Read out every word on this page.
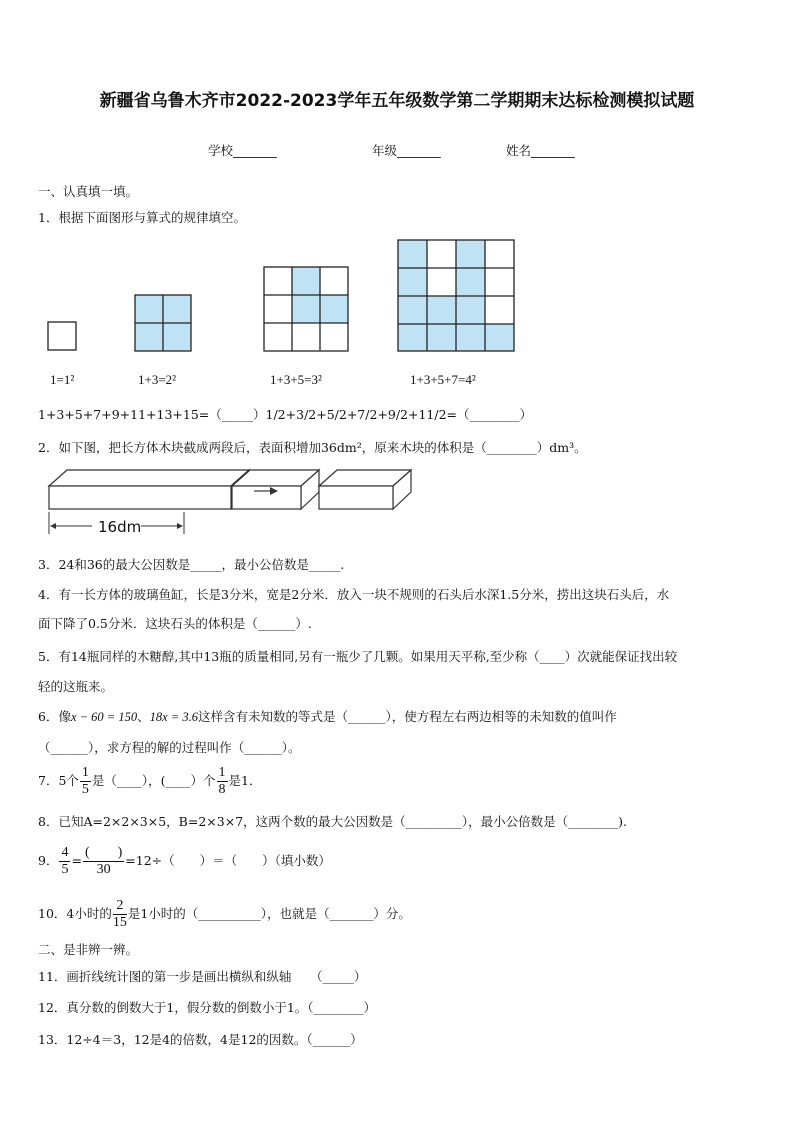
新疆省乌鲁木齐市2022-2023学年五年级数学第二学期期末达标检测模拟试题
学校_______	年级_______	姓名_______
一、认真填一填。
1．根据下面图形与算式的规律填空。
1=1²	1+3=2²	1+3+5=3²	1+3+5+7=4²
1+3+5+7+9+11+13+15=（_____）1/2+3/2+5/2+7/2+9/2+11/2=（________）
2．如下图，把长方体木块截成两段后，表面积增加36dm²，原来木块的体积是（________）dm³。
16dm
3．24和36的最大公因数是_____，最小公倍数是_____.
4．有一长方体的玻璃鱼缸，长是3分米，宽是2分米．放入一块不规则的石头后水深1.5分米，捞出这块石头后，水
面下降了0.5分米．这块石头的体积是（______）.
5．有14瓶同样的木糖醇,其中13瓶的质量相同,另有一瓶少了几颗。如果用天平称,至少称（____）次就能保证找出较
轻的这瓶来。
6．像x − 60 = 150、18x = 3.6这样含有未知数的等式是（______），使方程左右两边相等的未知数的值叫作
（______），求方程的解的过程叫作（______）。
7．5个 $\frac{1}{5}$ 是（____），(____）个 $\frac{1}{8}$ 是1．
8．已知A=2×2×3×5，B=2×3×7，这两个数的最大公因数是（_________），最小公倍数是（________).
9． $\frac{4}{5} = \frac{( )}{30} =12\div$（　　）＝（　　）（填小数）
10．4小时的 $\frac{2}{15}$ 是1小时的（__________），也就是（_______）分。
二、是非辨一辨。
11．画折线统计图的第一步是画出横纵和纵轴　　（_____）
12．真分数的倒数大于1，假分数的倒数小于1。（________）
13．12÷4＝3，12是4的倍数，4是12的因数。（______）
